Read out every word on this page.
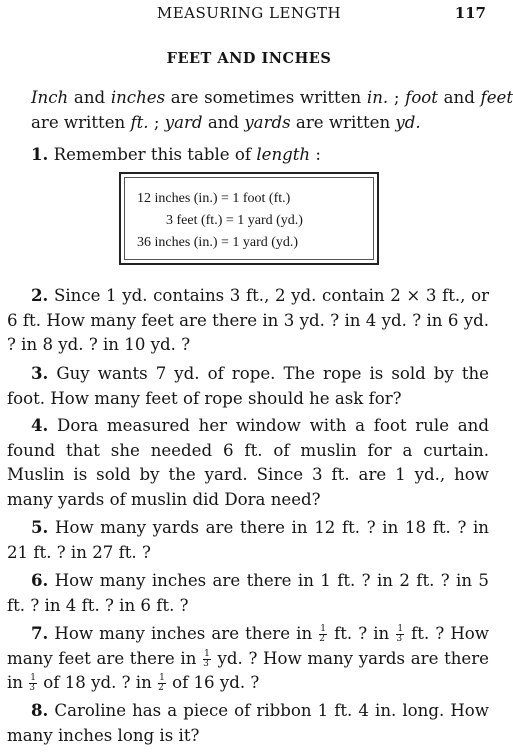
MEASURING LENGTH	117
FEET AND INCHES

Inch and inches are sometimes written in. ; foot and feet are written ft. ; yard and yards are written yd.

1. Remember this table of length :

12 inches (in.) = 1 foot (ft.)
3 feet (ft.) = 1 yard (yd.)
36 inches (in.) = 1 yard (yd.)

2. Since 1 yd. contains 3 ft., 2 yd. contain 2 × 3 ft., or 6 ft. How many feet are there in 3 yd. ? in 4 yd. ? in 6 yd. ? in 8 yd. ? in 10 yd. ?

3. Guy wants 7 yd. of rope. The rope is sold by the foot. How many feet of rope should he ask for?

4. Dora measured her window with a foot rule and found that she needed 6 ft. of muslin for a curtain. Muslin is sold by the yard. Since 3 ft. are 1 yd., how many yards of muslin did Dora need?

5. How many yards are there in 12 ft. ? in 18 ft. ? in 21 ft. ? in 27 ft. ?

6. How many inches are there in 1 ft. ? in 2 ft. ? in 5 ft. ? in 4 ft. ? in 6 ft. ?

7. How many inches are there in $\frac{1}{2}$ ft. ? in $\frac{1}{3}$ ft. ? How many feet are there in $\frac{1}{3}$ yd. ? How many yards are there in $\frac{1}{3}$ of 18 yd. ? in $\frac{1}{2}$ of 16 yd. ?

8. Caroline has a piece of ribbon 1 ft. 4 in. long. How many inches long is it?
